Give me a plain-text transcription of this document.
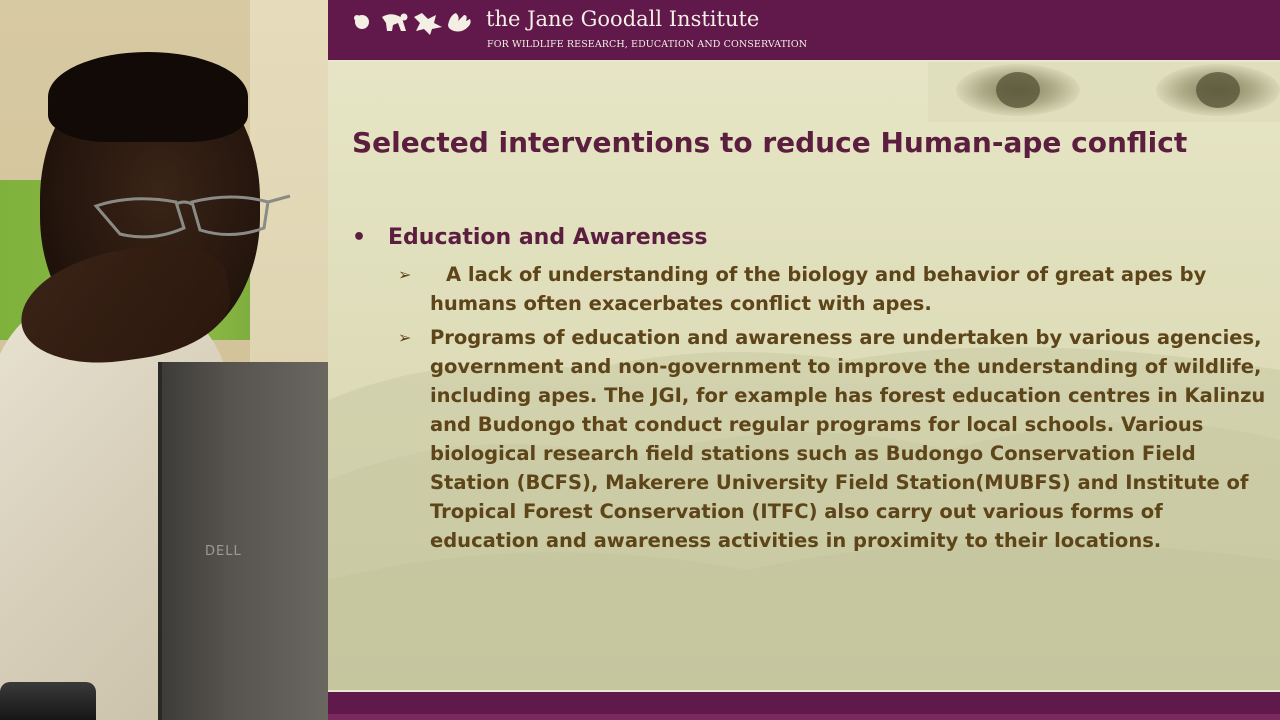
DELL
the Jane Goodall Institute
FOR WILDLIFE RESEARCH, EDUCATION AND CONSERVATION
Selected interventions to reduce Human-ape conflict
• Education and Awareness
➢	A lack of understanding of the biology and behavior of great apes by humans often exacerbates conflict with apes.

➢ Programs of education and awareness are undertaken by various agencies, government and non-government to improve the understanding of wildlife, including apes. The JGI, for example has forest education centres in Kalinzu and Budongo that conduct regular programs for local schools. Various biological research field stations such as Budongo Conservation Field Station (BCFS), Makerere University Field Station(MUBFS) and Institute of Tropical Forest Conservation (ITFC) also carry out various forms of education and awareness activities in proximity to their locations.
